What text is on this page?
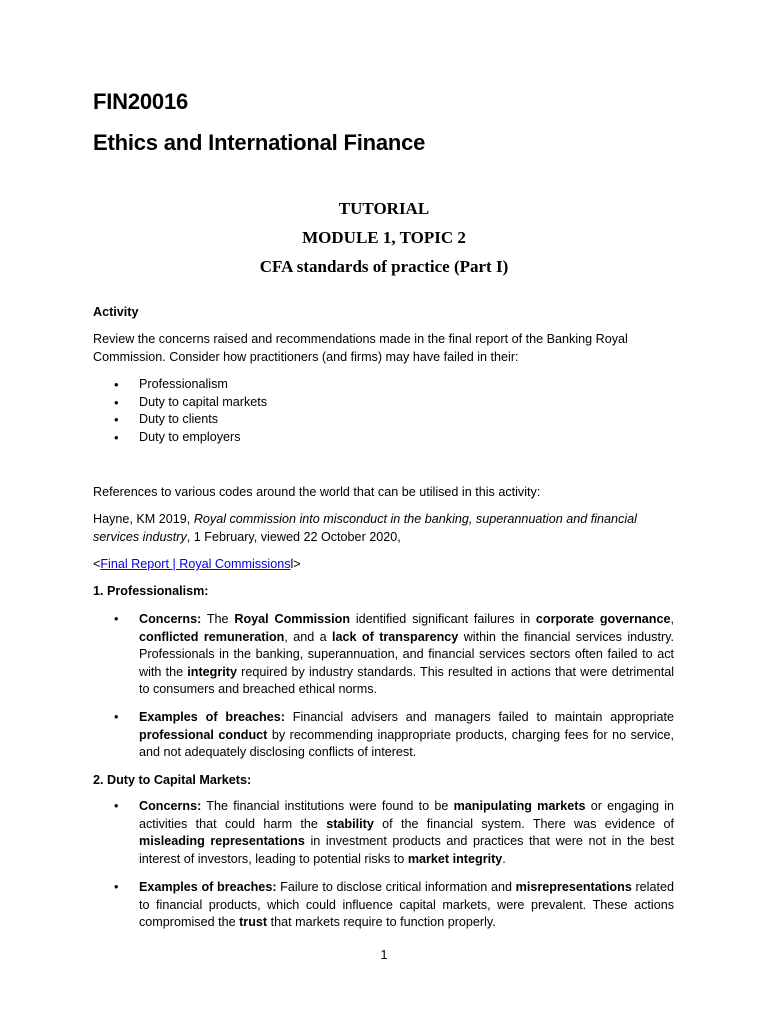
FIN20016
Ethics and International Finance
TUTORIAL
MODULE 1, TOPIC 2
CFA standards of practice (Part I)
Activity
Review the concerns raised and recommendations made in the final report of the Banking Royal Commission. Consider how practitioners (and firms) may have failed in their:
• Professionalism
• Duty to capital markets
• Duty to clients
• Duty to employers
References to various codes around the world that can be utilised in this activity:
Hayne, KM 2019, Royal commission into misconduct in the banking, superannuation and financial services industry, 1 February, viewed 22 October 2020,
<Final Report | Royal Commissionsl>
1. Professionalism:
• Concerns: The Royal Commission identified significant failures in corporate governance, conflicted remuneration, and a lack of transparency within the financial services industry. Professionals in the banking, superannuation, and financial services sectors often failed to act with the integrity required by industry standards. This resulted in actions that were detrimental to consumers and breached ethical norms.
• Examples of breaches: Financial advisers and managers failed to maintain appropriate professional conduct by recommending inappropriate products, charging fees for no service, and not adequately disclosing conflicts of interest.
2. Duty to Capital Markets:
• Concerns: The financial institutions were found to be manipulating markets or engaging in activities that could harm the stability of the financial system. There was evidence of misleading representations in investment products and practices that were not in the best interest of investors, leading to potential risks to market integrity.
• Examples of breaches: Failure to disclose critical information and misrepresentations related to financial products, which could influence capital markets, were prevalent. These actions compromised the trust that markets require to function properly.
1
